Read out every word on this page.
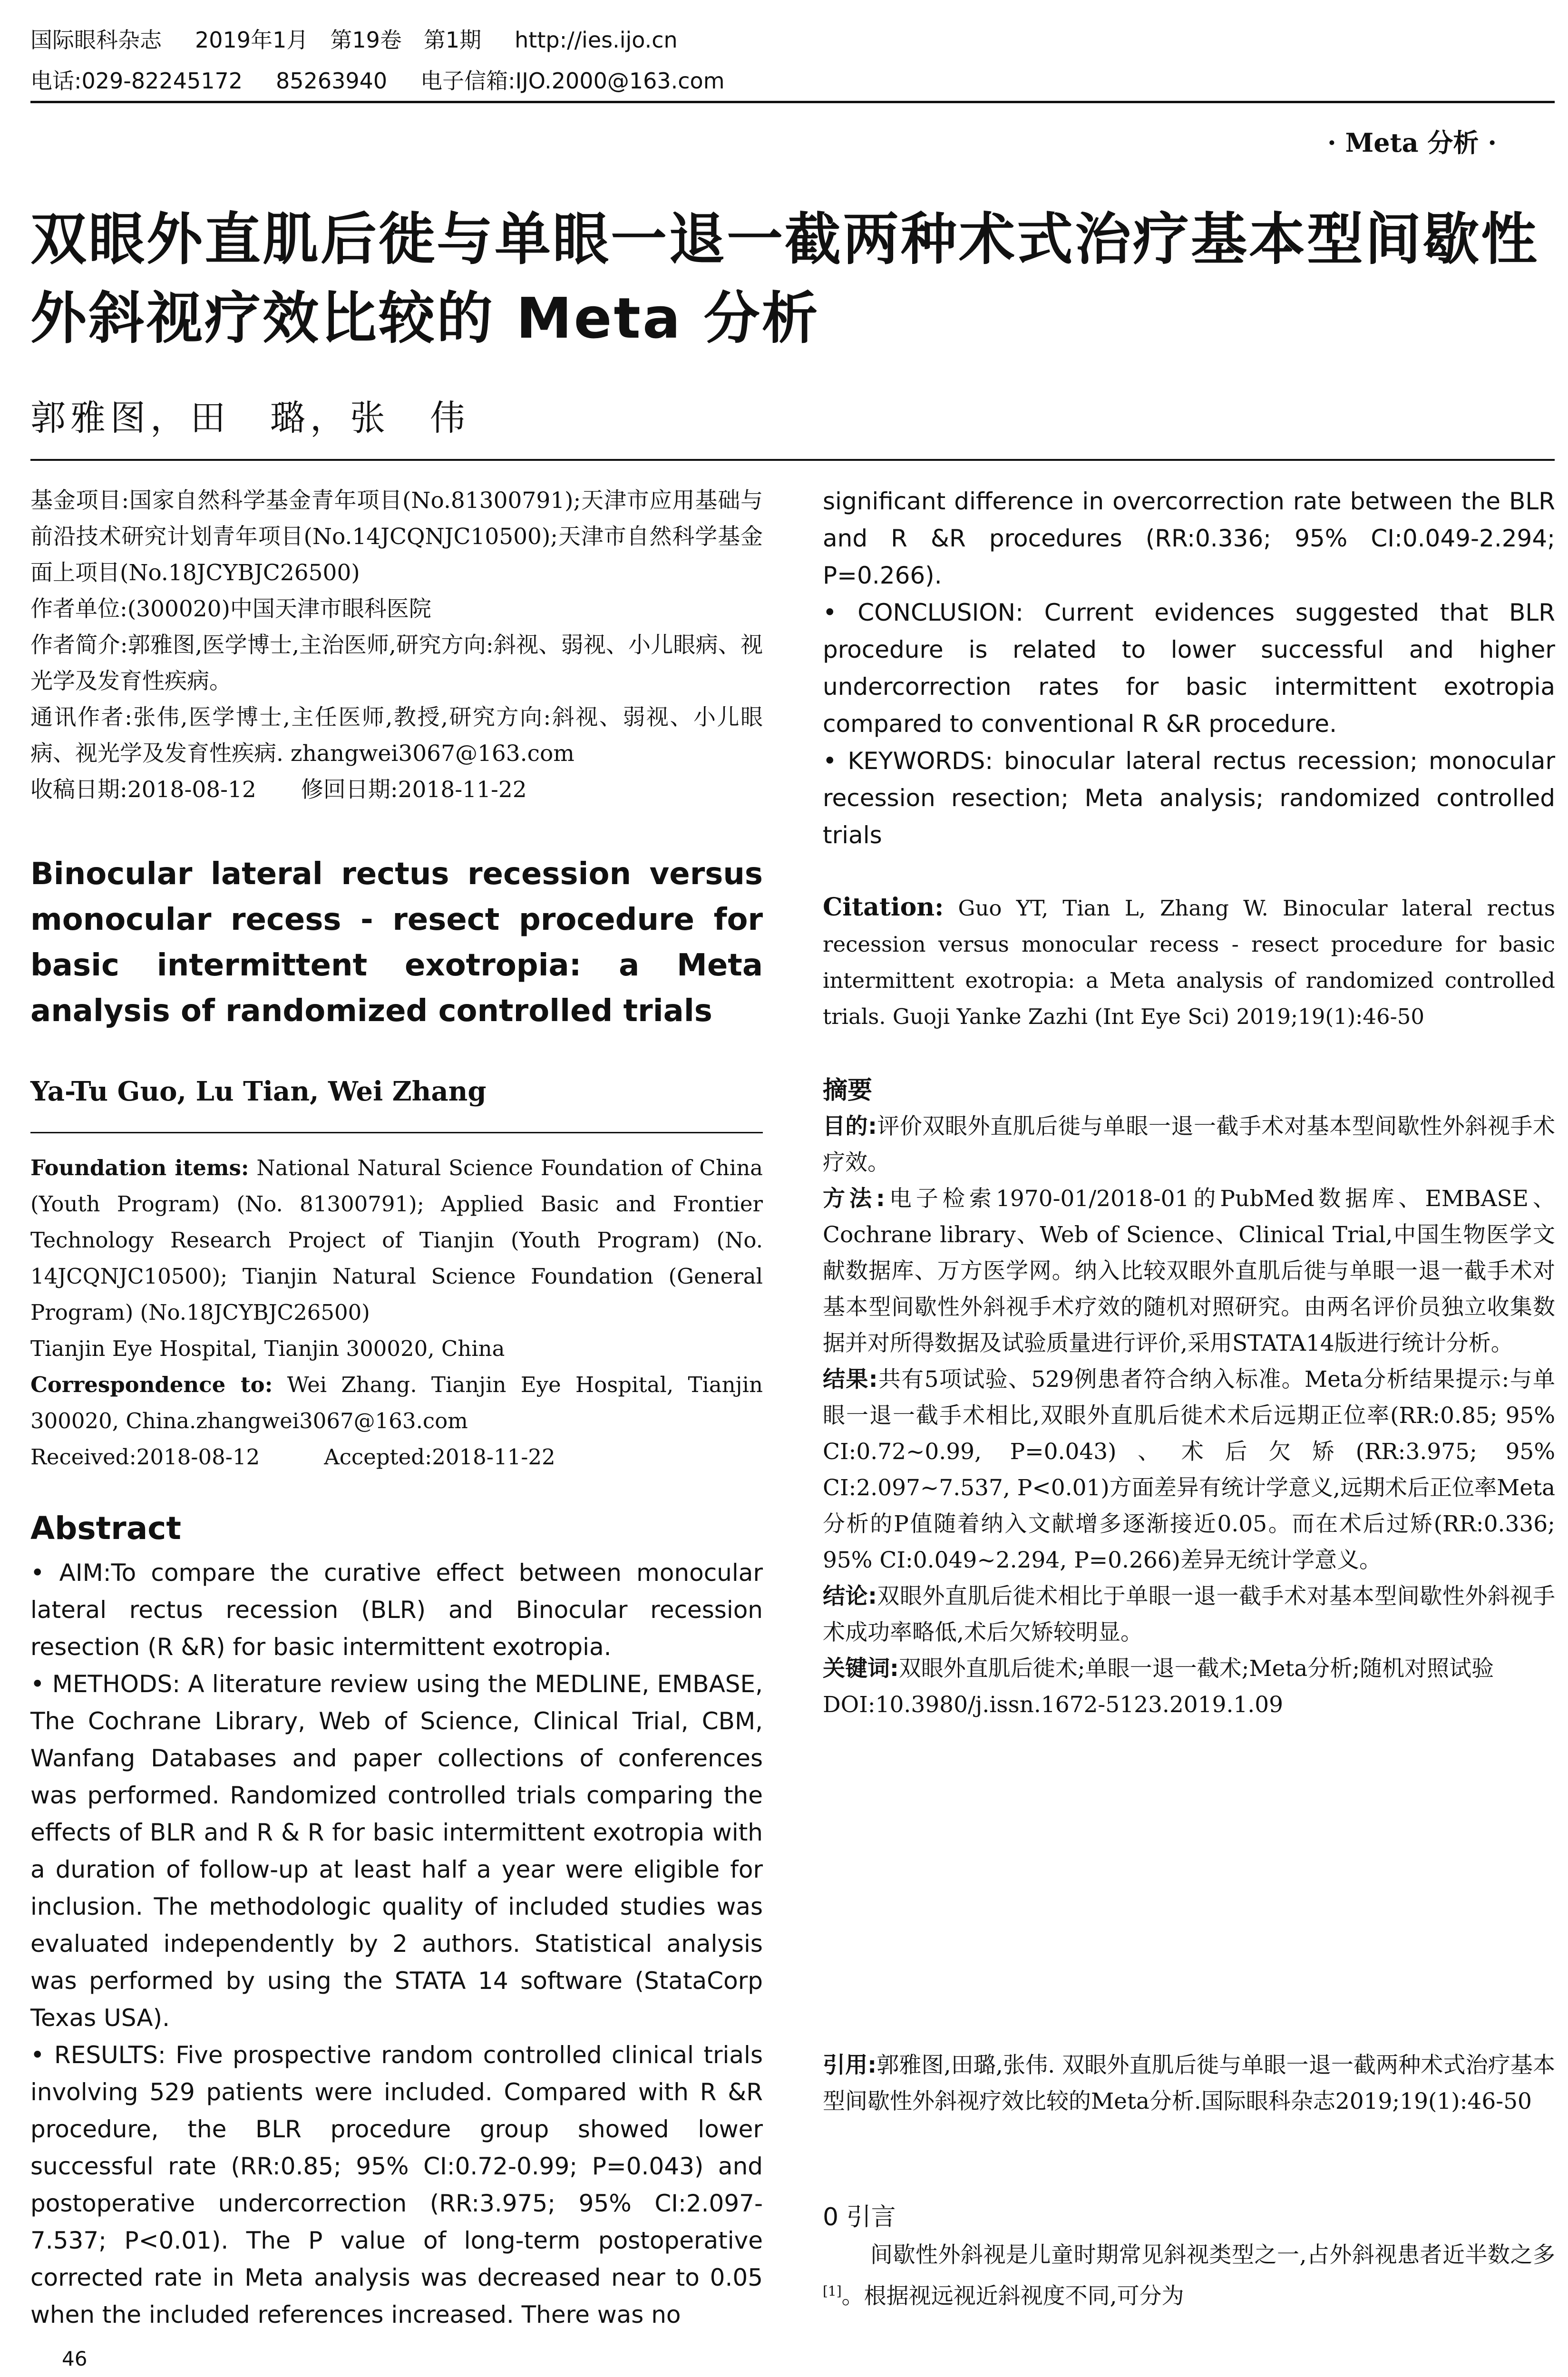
国际眼科杂志 2019年1月　第19卷　第1期 http://ies.ijo.cn
电话:029-82245172 85263940 电子信箱:IJO.2000@163.com
· Meta 分析 ·
双眼外直肌后徙与单眼一退一截两种术式治疗基本型间歇性外斜视疗效比较的 Meta 分析
郭雅图，田　璐，张　伟

基金项目:国家自然科学基金青年项目(No.81300791);天津市应用基础与前沿技术研究计划青年项目(No.14JCQNJC10500);天津市自然科学基金面上项目(No.18JCYBJC26500)

作者单位:(300020)中国天津市眼科医院

作者简介:郭雅图,医学博士,主治医师,研究方向:斜视、弱视、小儿眼病、视光学及发育性疾病。

通讯作者:张伟,医学博士,主任医师,教授,研究方向:斜视、弱视、小儿眼病、视光学及发育性疾病. zhangwei3067@163.com

收稿日期:2018-08-12　　修回日期:2018-11-22

Binocular lateral rectus recession versus monocular recess - resect procedure for basic intermittent exotropia: a Meta analysis of randomized controlled trials
Ya-Tu Guo, Lu Tian, Wei Zhang

Foundation items: National Natural Science Foundation of China (Youth Program) (No. 81300791); Applied Basic and Frontier Technology Research Project of Tianjin (Youth Program) (No. 14JCQNJC10500); Tianjin Natural Science Foundation (General Program) (No.18JCYBJC26500)

Tianjin Eye Hospital, Tianjin 300020, China

Correspondence to: Wei Zhang. Tianjin Eye Hospital, Tianjin 300020, China.zhangwei3067@163.com

Received:2018-08-12　　　Accepted:2018-11-22

Abstract

• AIM:To compare the curative effect between monocular lateral rectus recession (BLR) and Binocular recession resection (R &R) for basic intermittent exotropia.

• METHODS: A literature review using the MEDLINE, EMBASE, The Cochrane Library, Web of Science, Clinical Trial, CBM, Wanfang Databases and paper collections of conferences was performed. Randomized controlled trials comparing the effects of BLR and R & R for basic intermittent exotropia with a duration of follow-up at least half a year were eligible for inclusion. The methodologic quality of included studies was evaluated independently by 2 authors. Statistical analysis was performed by using the STATA 14 software (StataCorp Texas USA).

• RESULTS: Five prospective random controlled clinical trials involving 529 patients were included. Compared with R &R procedure, the BLR procedure group showed lower successful rate (RR:0.85; 95% CI:0.72-0.99; P=0.043) and postoperative undercorrection (RR:3.975; 95% CI:2.097-7.537; P<0.01). The P value of long-term postoperative corrected rate in Meta analysis was decreased near to 0.05 when the included references increased. There was no

significant difference in overcorrection rate between the BLR and R &R procedures (RR:0.336; 95% CI:0.049-2.294; P=0.266).

• CONCLUSION: Current evidences suggested that BLR procedure is related to lower successful and higher undercorrection rates for basic intermittent exotropia compared to conventional R &R procedure.

• KEYWORDS: binocular lateral rectus recession; monocular recession resection; Meta analysis; randomized controlled trials

Citation: Guo YT, Tian L, Zhang W. Binocular lateral rectus recession versus monocular recess - resect procedure for basic intermittent exotropia: a Meta analysis of randomized controlled trials. Guoji Yanke Zazhi (Int Eye Sci) 2019;19(1):46-50

摘要

目的:评价双眼外直肌后徙与单眼一退一截手术对基本型间歇性外斜视手术疗效。

方法:电子检索1970-01/2018-01的PubMed数据库、EMBASE、Cochrane library、Web of Science、Clinical Trial,中国生物医学文献数据库、万方医学网。纳入比较双眼外直肌后徙与单眼一退一截手术对基本型间歇性外斜视手术疗效的随机对照研究。由两名评价员独立收集数据并对所得数据及试验质量进行评价,采用STATA14版进行统计分析。

结果:共有5项试验、529例患者符合纳入标准。Meta分析结果提示:与单眼一退一截手术相比,双眼外直肌后徙术术后远期正位率(RR:0.85; 95% CI:0.72~0.99, P=0.043)、术后欠矫(RR:3.975; 95% CI:2.097~7.537, P<0.01)方面差异有统计学意义,远期术后正位率Meta分析的P值随着纳入文献增多逐渐接近0.05。而在术后过矫(RR:0.336; 95% CI:0.049~2.294, P=0.266)差异无统计学意义。

结论:双眼外直肌后徙术相比于单眼一退一截手术对基本型间歇性外斜视手术成功率略低,术后欠矫较明显。

关键词:双眼外直肌后徙术;单眼一退一截术;Meta分析;随机对照试验

DOI:10.3980/j.issn.1672-5123.2019.1.09

引用:郭雅图,田璐,张伟. 双眼外直肌后徙与单眼一退一截两种术式治疗基本型间歇性外斜视疗效比较的Meta分析.国际眼科杂志2019;19(1):46-50

0 引言

间歇性外斜视是儿童时期常见斜视类型之一,占外斜视患者近半数之多[1]。根据视远视近斜视度不同,可分为

46
